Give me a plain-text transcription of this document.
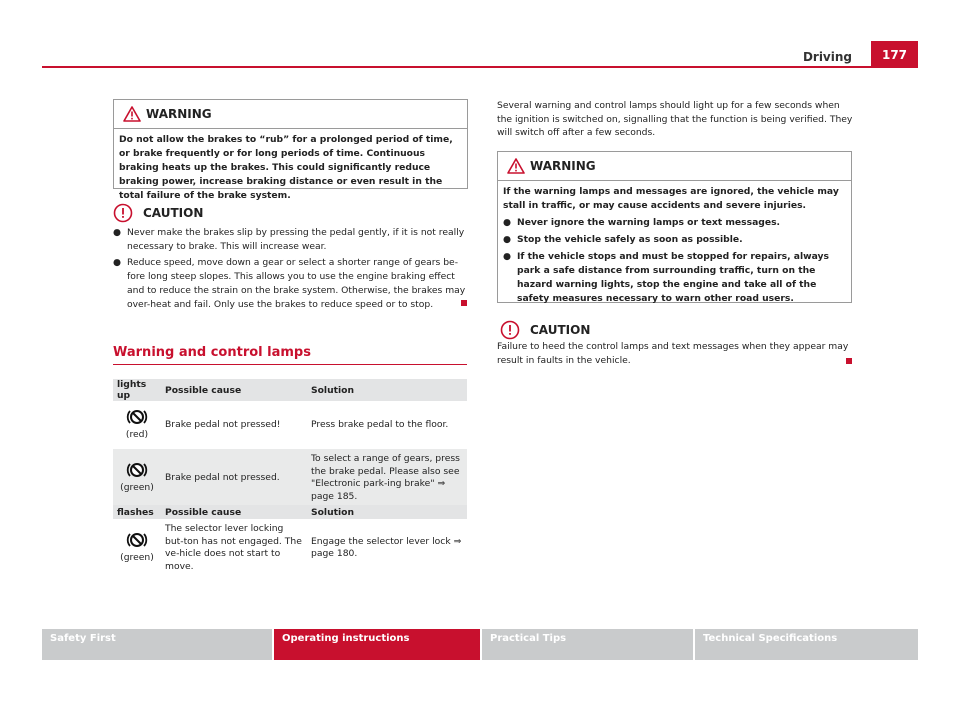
Driving	177
WARNING
Do not allow the brakes to “rub” for a prolonged period of time, or brake frequently or for long periods of time. Continuous braking heats up the brakes. This could significantly reduce braking power, increase braking distance or even result in the total failure of the brake system.
CAUTION
● Never make the brakes slip by pressing the pedal gently, if it is not really necessary to brake. This will increase wear.
● Reduce speed, move down a gear or select a shorter range of gears be-fore long steep slopes. This allows you to use the engine braking effect and to reduce the strain on the brake system. Otherwise, the brakes may over-heat and fail. Only use the brakes to reduce speed or to stop.
Warning and control lamps
lights up	Possible cause	Solution

(red)	Brake pedal not pressed!	Press brake pedal to the floor.

(green)	Brake pedal not pressed.	To select a range of gears, press the brake pedal. Please also see "Electronic park-ing brake" ⇒ page 185.
flashes	Possible cause	Solution

(green)	The selector lever locking but-ton has not engaged. The ve-hicle does not start to move.	Engage the selector lever lock ⇒ page 180.
Several warning and control lamps should light up for a few seconds when the ignition is switched on, signalling that the function is being verified. They will switch off after a few seconds.
WARNING
If the warning lamps and messages are ignored, the vehicle may stall in traffic, or may cause accidents and severe injuries.
● Never ignore the warning lamps or text messages.
● Stop the vehicle safely as soon as possible.
● If the vehicle stops and must be stopped for repairs, always park a safe distance from surrounding traffic, turn on the hazard warning lights, stop the engine and take all of the safety measures necessary to warn other road users.
CAUTION
Failure to heed the control lamps and text messages when they appear may result in faults in the vehicle.
Safety First	Operating instructions	Practical Tips	Technical Specifications
